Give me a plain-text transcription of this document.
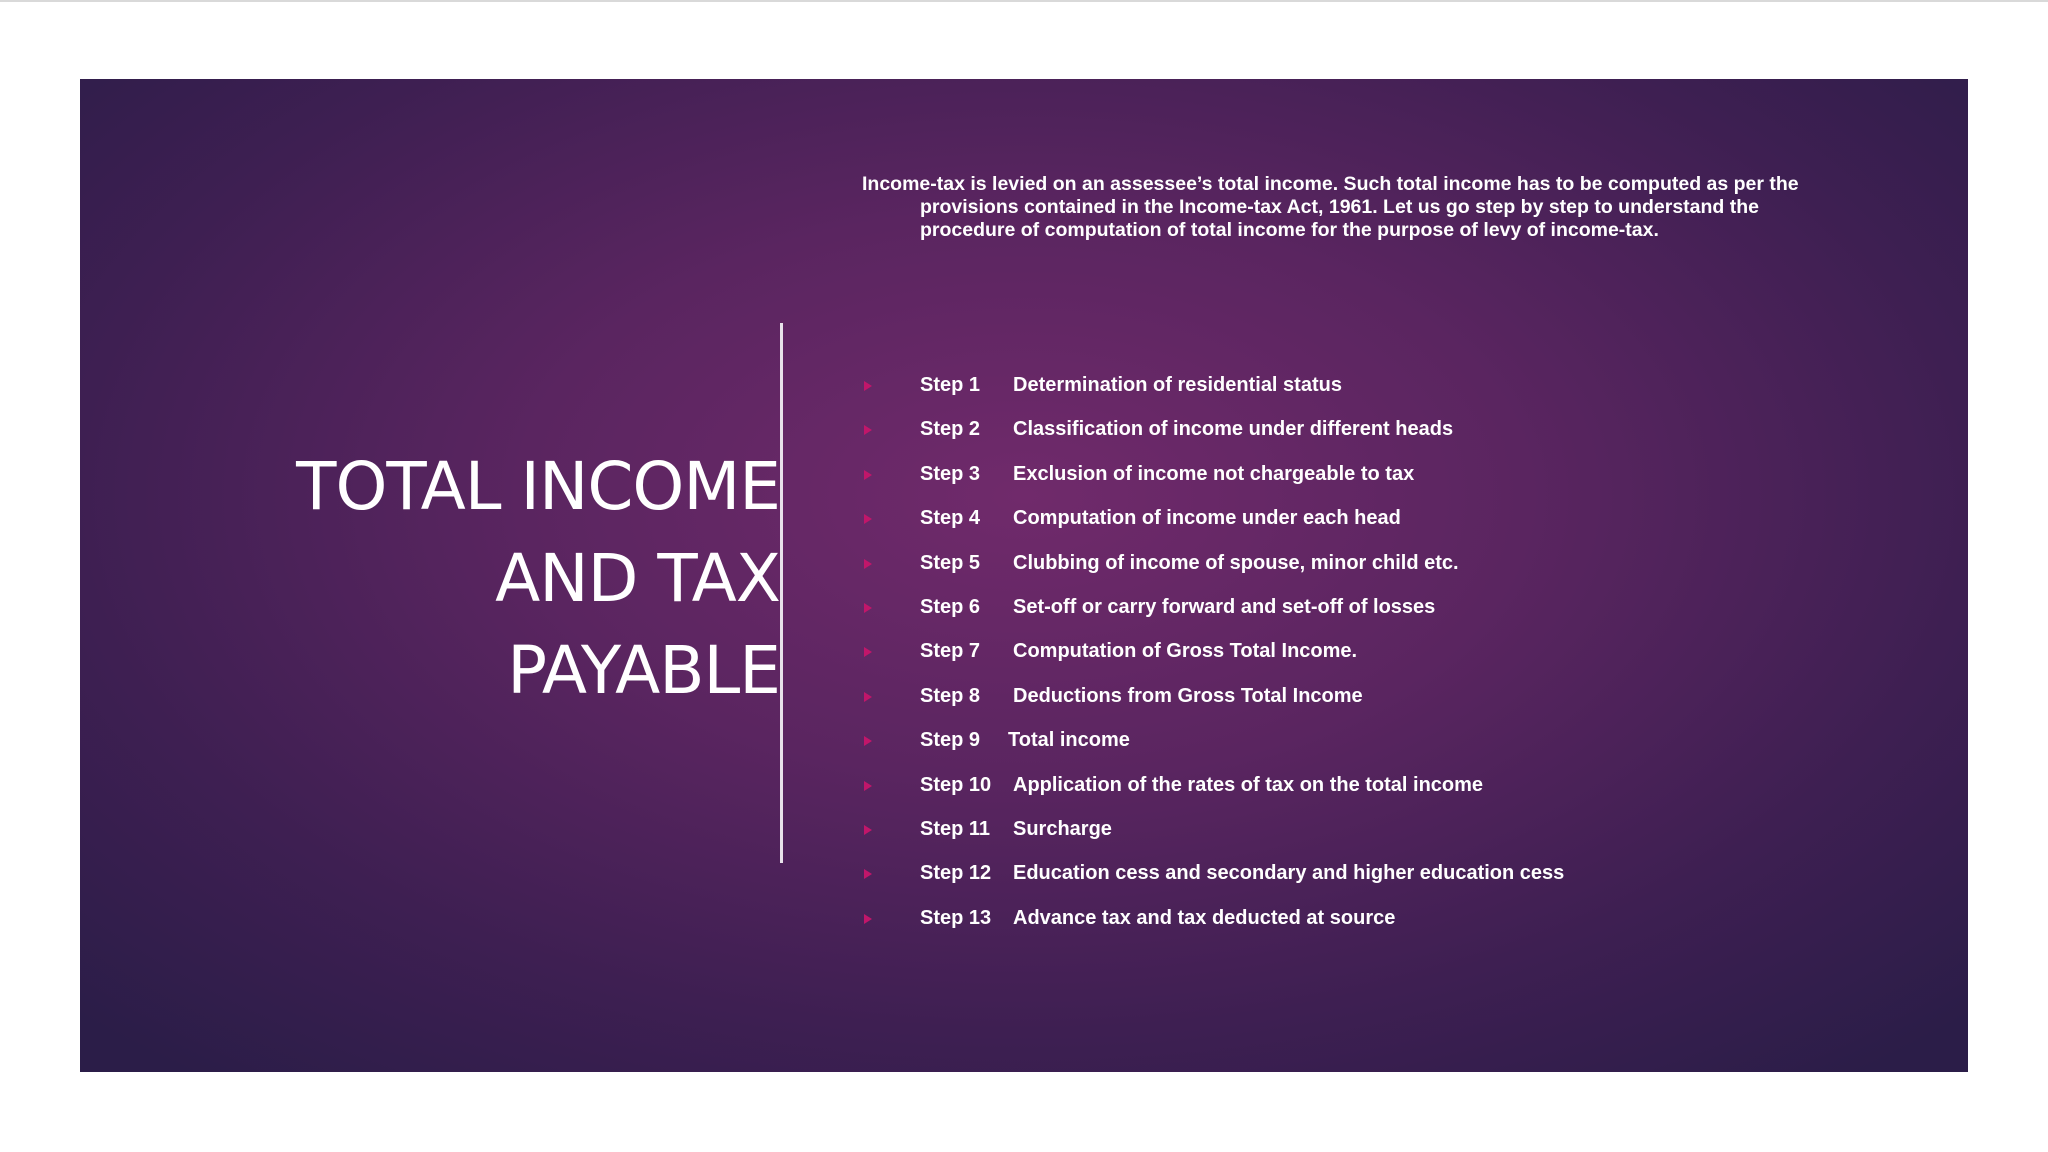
TOTAL INCOME
AND TAX
PAYABLE

Income-tax is levied on an assessee’s total income. Such total income has to be computed as per the provisions contained in the Income-tax Act, 1961. Let us go step by step to understand the procedure of computation of total income for the purpose of levy of income-tax.

Step 1 Determination of residential status
Step 2 Classification of income under different heads
Step 3 Exclusion of income not chargeable to tax
Step 4 Computation of income under each head
Step 5 Clubbing of income of spouse, minor child etc.
Step 6 Set-off or carry forward and set-off of losses
Step 7 Computation of Gross Total Income.
Step 8 Deductions from Gross Total Income
Step 9 Total income
Step 10 Application of the rates of tax on the total income
Step 11 Surcharge
Step 12 Education cess and secondary and higher education cess
Step 13 Advance tax and tax deducted at source
